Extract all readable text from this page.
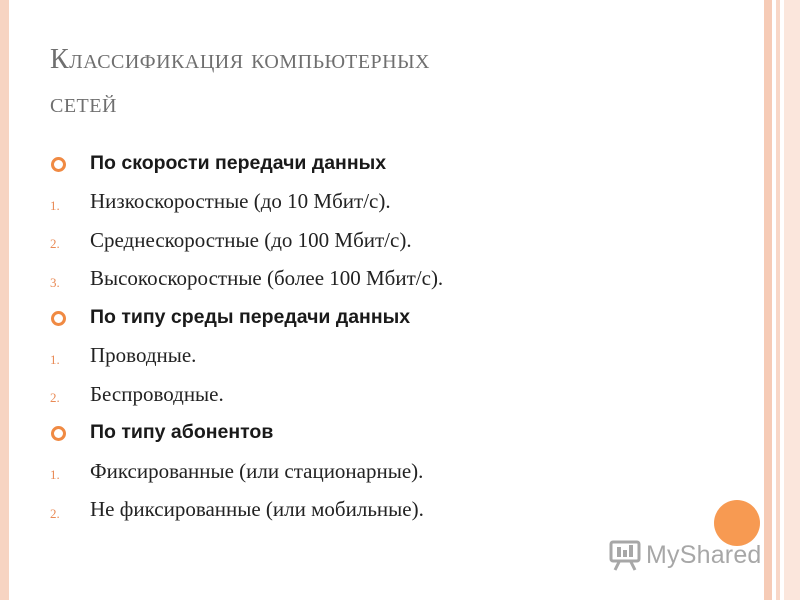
Классификация компьютерных
сетей
По скорости передачи данных
1. Низкоскоростные (до 10 Мбит/с).
2. Среднескоростные (до 100 Мбит/с).
3. Высокоскоростные (более 100 Мбит/с).
По типу среды передачи данных
1. Проводные.
2. Беспроводные.
По типу абонентов
1. Фиксированные (или стационарные).
2. Не фиксированные (или мобильные).
MyShared
